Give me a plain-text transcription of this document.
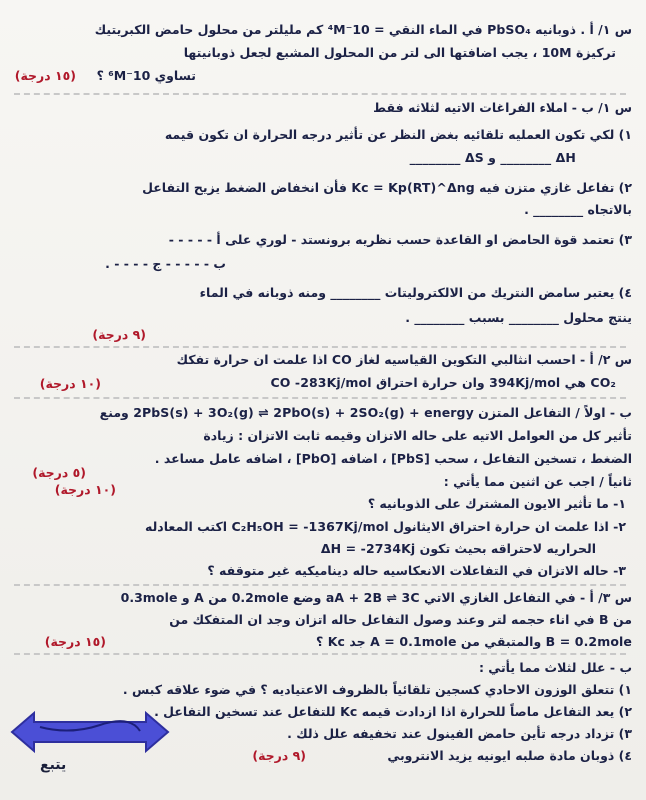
س ١/ أ . ذوبانيه PbSO₄ في الماء النقي = 10⁻⁴M كم مليلتر من محلول حامض الكبريتيك
تركيزة 10M ، يجب اضافتها الى لتر من المحلول المشبع لجعل ذوبانيتها
تساوي 10⁻⁶M ؟
(١٥ درجة)
س ١/ ب - املاء الفراغات الاتيه لثلاثه فقط
١) لكي تكون العمليه تلقائيه بغض النظر عن تأثير درجه الحرارة ان تكون قيمه
ΔH ________ و ΔS ________
٢) تفاعل غازي متزن فيه Kc = Kp(RT)^Δng فأن انخفاض الضغط يزيح التفاعل
بالاتجاه ________ .
٣) تعتمد قوة الحامض او القاعدة حسب نظريه برونستد - لوري على أ - - - - -
ب - - - - - ج - - - - .
٤) يعتبر سامض النتريك من الالكتروليتات ________ ومنه ذوبانه في الماء
ينتج محلول ________ بسبب ________ .
(٩ درجة)
س ٢/ أ - احسب انثالبي التكوين القياسيه لغاز CO اذا علمت ان حرارة تفكك
CO₂ هي 394Kj/mol وان حرارة احتراق CO -283Kj/mol
(١٠ درجة)
ب - اولاً / التفاعل المتزن 2PbS(s) + 3O₂(g) ⇌ 2PbO(s) + 2SO₂(g) + energy ومنع
تأثير كل من العوامل الاتيه على حاله الاتزان وقيمه ثابت الاتزان : زيادة
الضغط ، تسخين التفاعل ، سحب [PbS] ، اضافه [PbO] ، اضافه عامل مساعد .
(٥ درجة)
(١٠ درجة)
ثانياً / اجب عن اثنين مما يأتي :
١- ما تأثير الايون المشترك على الذوبانيه ؟
٢- اذا علمت ان حرارة احتراق الايثانول C₂H₅OH = -1367Kj/mol اكتب المعادله
الحراريه لاحتراقه بحيث تكون ΔH = -2734Kj
٣- حاله الاتزان في التفاعلات الانعكاسيه حاله ديناميكيه غير متوقفه ؟
س ٣/ أ - في التفاعل الغازي الاتي aA + 2B ⇌ 3C وضع 0.2mole من A و 0.3mole
من B في اناء حجمه لتر وعند وصول التفاعل حاله اتزان وجد ان المتفكك من
B = 0.2mole والمتبقي من A = 0.1mole جد Kc ؟
(١٥ درجة)
ب - علل لثلاث مما يأتي :
١) تتعلق الوزون الاحادي كسجين تلقائياً بالظروف الاعتياديه ؟ في ضوء علاقه كبس .
٢) يعد التفاعل ماصاً للحرارة اذا ازدادت قيمه Kc للتفاعل عند تسخين التفاعل .
٣) تزداد درجه تأين حامض الفينول عند تخفيفه علل ذلك .
٤) ذوبان مادة صلبه ايونيه يزيد الانتروبي
(٩ درجة)
يتبع
